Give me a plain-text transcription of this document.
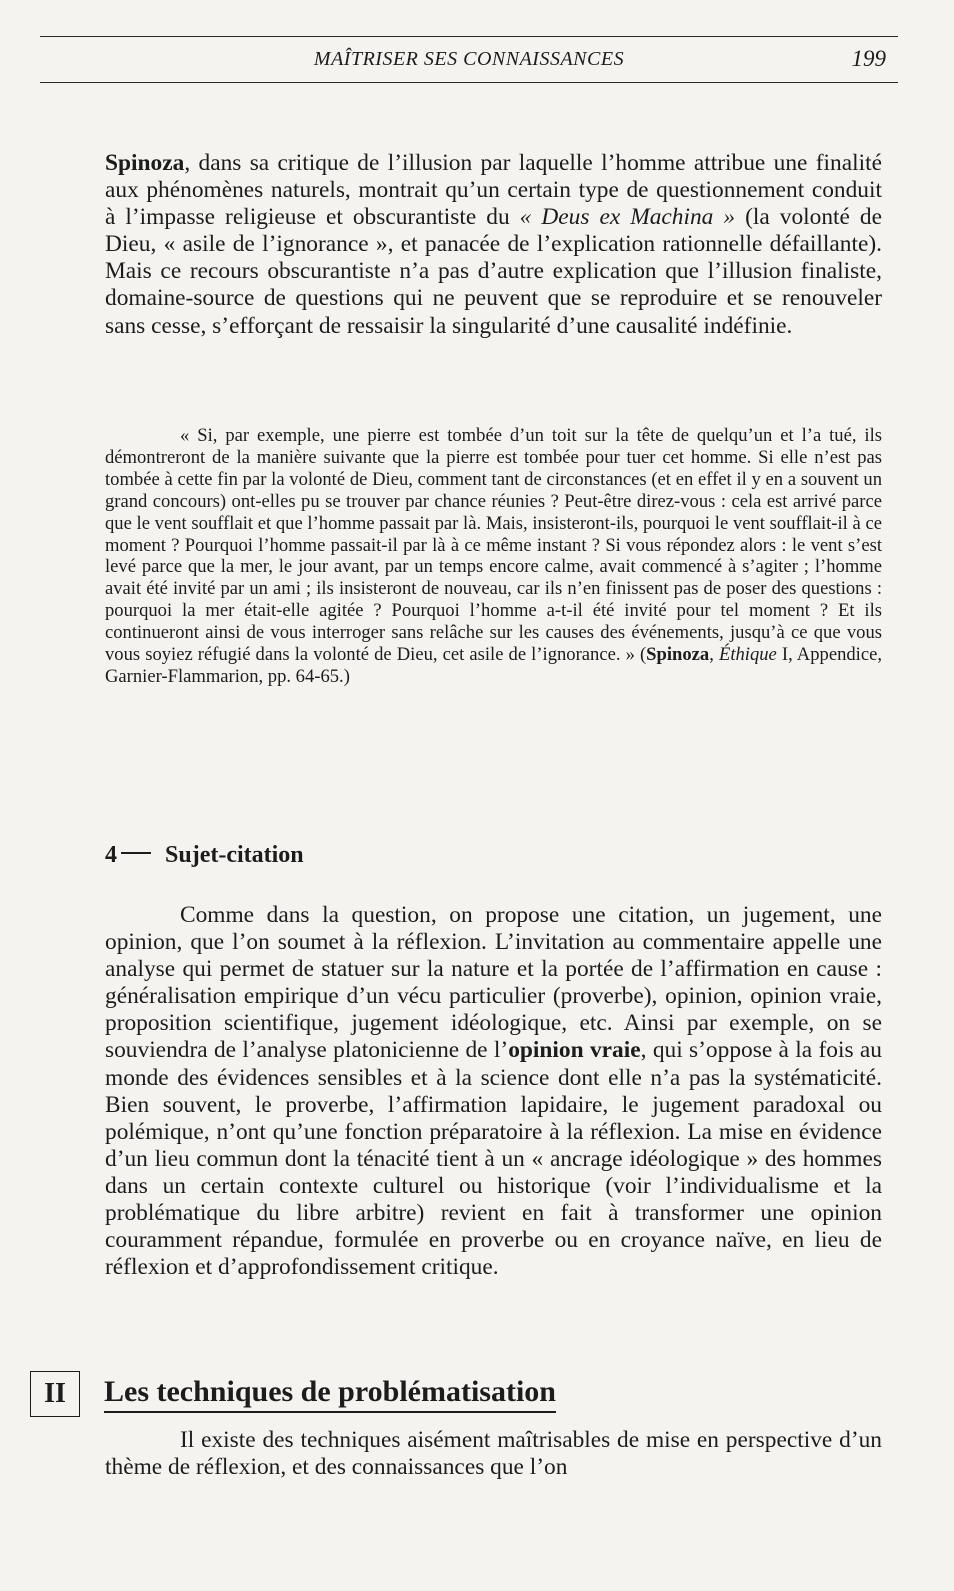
MAÎTRISER SES CONNAISSANCES	199

Spinoza, dans sa critique de l’illusion par laquelle l’homme attribue une finalité aux phénomènes naturels, montrait qu’un certain type de questionnement conduit à l’impasse religieuse et obscurantiste du « Deus ex Machina » (la volonté de Dieu, « asile de l’ignorance », et panacée de l’explication rationnelle défaillante). Mais ce recours obscurantiste n’a pas d’autre explication que l’illusion finaliste, domaine-source de questions qui ne peuvent que se reproduire et se renouveler sans cesse, s’efforçant de ressaisir la singularité d’une causalité indéfinie.

« Si, par exemple, une pierre est tombée d’un toit sur la tête de quelqu’un et l’a tué, ils démontreront de la manière suivante que la pierre est tombée pour tuer cet homme. Si elle n’est pas tombée à cette fin par la volonté de Dieu, comment tant de circonstances (et en effet il y en a souvent un grand concours) ont-elles pu se trouver par chance réunies ? Peut-être direz-vous : cela est arrivé parce que le vent soufflait et que l’homme passait par là. Mais, insisteront-ils, pourquoi le vent soufflait-il à ce moment ? Pourquoi l’homme passait-il par là à ce même instant ? Si vous répondez alors : le vent s’est levé parce que la mer, le jour avant, par un temps encore calme, avait commencé à s’agiter ; l’homme avait été invité par un ami ; ils insisteront de nouveau, car ils n’en finissent pas de poser des questions : pourquoi la mer était-elle agitée ? Pourquoi l’homme a-t-il été invité pour tel moment ? Et ils continueront ainsi de vous interroger sans relâche sur les causes des événements, jusqu’à ce que vous vous soyiez réfugié dans la volonté de Dieu, cet asile de l’ignorance. » (Spinoza, Éthique I, Appendice, Garnier-Flammarion, pp. 64-65.)

4 Sujet-citation

Comme dans la question, on propose une citation, un jugement, une opinion, que l’on soumet à la réflexion. L’invitation au commentaire appelle une analyse qui permet de statuer sur la nature et la portée de l’affirmation en cause : généralisation empirique d’un vécu particulier (proverbe), opinion, opinion vraie, proposition scientifique, jugement idéologique, etc. Ainsi par exemple, on se souviendra de l’analyse platonicienne de l’opinion vraie, qui s’oppose à la fois au monde des évidences sensibles et à la science dont elle n’a pas la systématicité. Bien souvent, le proverbe, l’affirmation lapidaire, le jugement paradoxal ou polémique, n’ont qu’une fonction préparatoire à la réflexion. La mise en évidence d’un lieu commun dont la ténacité tient à un « ancrage idéologique » des hommes dans un certain contexte culturel ou historique (voir l’individualisme et la problématique du libre arbitre) revient en fait à transformer une opinion couramment répandue, formulée en proverbe ou en croyance naïve, en lieu de réflexion et d’approfondissement critique.

II	Les techniques de problématisation

Il existe des techniques aisément maîtrisables de mise en perspective d’un thème de réflexion, et des connaissances que l’on
